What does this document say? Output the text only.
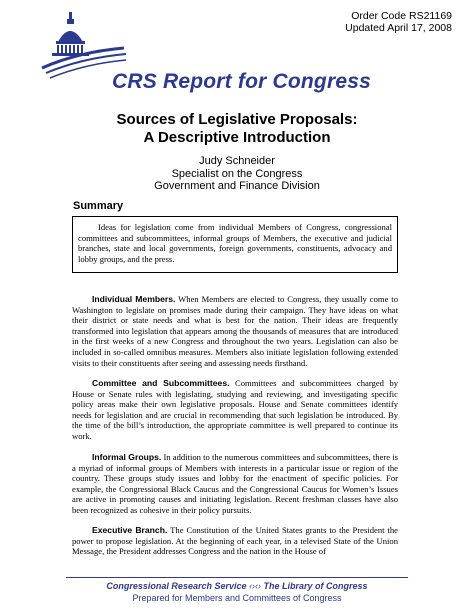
Order Code RS21169
Updated April 17, 2008
CRS Report for Congress
Sources of Legislative Proposals:
A Descriptive Introduction
Judy Schneider
Specialist on the Congress
Government and Finance Division
Summary
Ideas for legislation come from individual Members of Congress, congressional committees and subcommittees, informal groups of Members, the executive and judicial branches, state and local governments, foreign governments, constituents, advocacy and lobby groups, and the press.
Individual Members. When Members are elected to Congress, they usually come to Washington to legislate on promises made during their campaign. They have ideas on what their district or state needs and what is best for the nation. Their ideas are frequently transformed into legislation that appears among the thousands of measures that are introduced in the first weeks of a new Congress and throughout the two years. Legislation can also be included in so-called omnibus measures. Members also initiate legislation following extended visits to their constituents after seeing and assessing needs firsthand.
Committee and Subcommittees. Committees and subcommittees charged by House or Senate rules with legislating, studying and reviewing, and investigating specific policy areas make their own legislative proposals. House and Senate committees identify needs for legislation and are crucial in recommending that such legislation be introduced. By the time of the bill’s introduction, the appropriate committee is well prepared to continue its work.
Informal Groups. In addition to the numerous committees and subcommittees, there is a myriad of informal groups of Members with interests in a particular issue or region of the country. These groups study issues and lobby for the enactment of specific policies. For example, the Congressional Black Caucus and the Congressional Caucus for Women’s Issues are active in promoting causes and initiating legislation. Recent freshman classes have also been recognized as cohesive in their policy pursuits.
Executive Branch. The Constitution of the United States grants to the President the power to propose legislation. At the beginning of each year, in a televised State of the Union Message, the President addresses Congress and the nation in the House of
Congressional Research Service ‹›‹› The Library of Congress
Prepared for Members and Committees of Congress
